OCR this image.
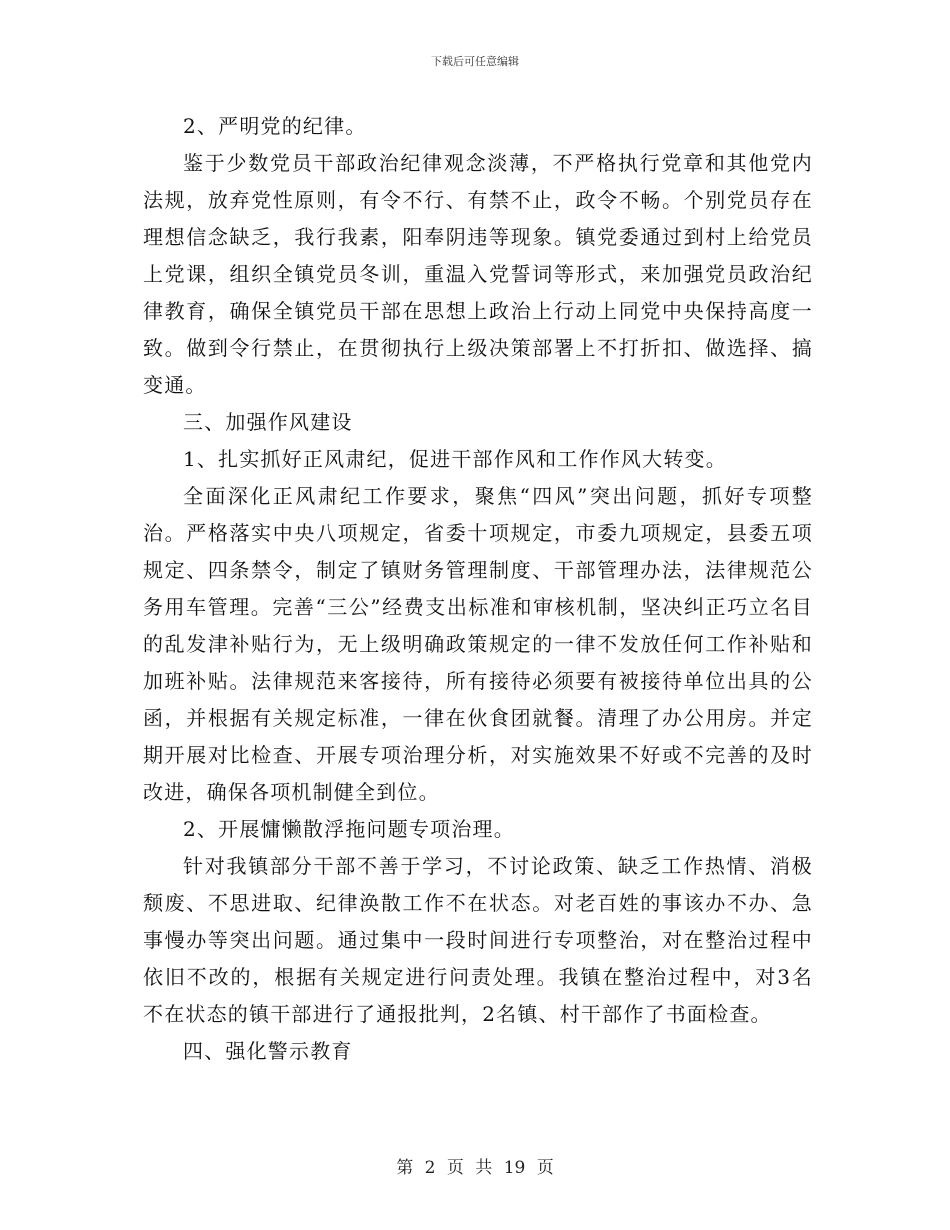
下载后可任意编辑

2、严明党的纪律。

鉴于少数党员干部政治纪律观念淡薄，不严格执行党章和其他党内法规，放弃党性原则，有令不行、有禁不止，政令不畅。个别党员存在理想信念缺乏，我行我素，阳奉阴违等现象。镇党委通过到村上给党员上党课，组织全镇党员冬训，重温入党誓词等形式，来加强党员政治纪律教育，确保全镇党员干部在思想上政治上行动上同党中央保持高度一致。做到令行禁止，在贯彻执行上级决策部署上不打折扣、做选择、搞变通。

三、加强作风建设

1、扎实抓好正风肃纪，促进干部作风和工作作风大转变。

全面深化正风肃纪工作要求，聚焦“四风”突出问题，抓好专项整治。严格落实中央八项规定，省委十项规定，市委九项规定，县委五项规定、四条禁令，制定了镇财务管理制度、干部管理办法，法律规范公务用车管理。完善“三公”经费支出标准和审核机制，坚决纠正巧立名目的乱发津补贴行为，无上级明确政策规定的一律不发放任何工作补贴和加班补贴。法律规范来客接待，所有接待必须要有被接待单位出具的公函，并根据有关规定标准，一律在伙食团就餐。清理了办公用房。并定期开展对比检查、开展专项治理分析，对实施效果不好或不完善的及时改进，确保各项机制健全到位。

2、开展慵懒散浮拖问题专项治理。

针对我镇部分干部不善于学习，不讨论政策、缺乏工作热情、消极颓废、不思进取、纪律涣散工作不在状态。对老百姓的事该办不办、急事慢办等突出问题。通过集中一段时间进行专项整治，对在整治过程中依旧不改的，根据有关规定进行问责处理。我镇在整治过程中，对3名不在状态的镇干部进行了通报批判，2名镇、村干部作了书面检查。

四、强化警示教育

第 2 页 共 19 页
